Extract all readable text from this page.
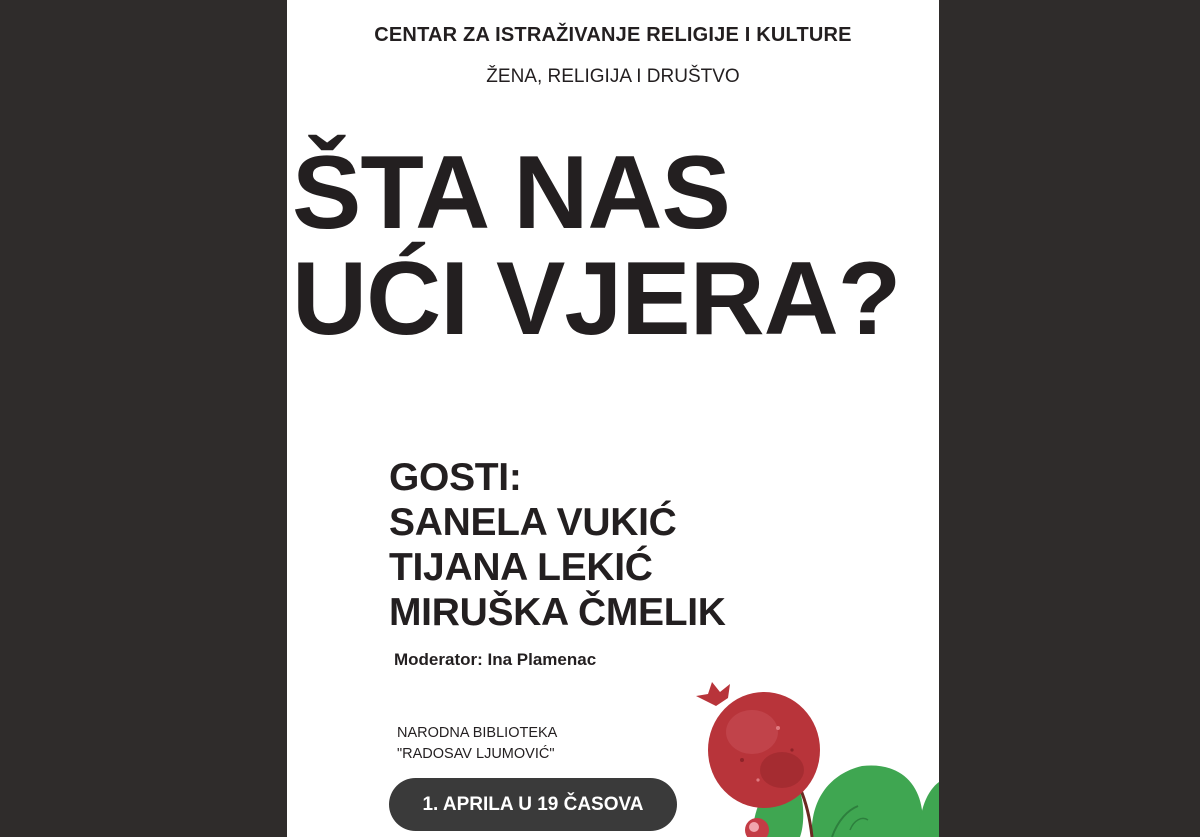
CENTAR ZA ISTRAŽIVANJE RELIGIJE I KULTURE
ŽENA, RELIGIJA I DRUŠTVO
ŠTA NAS
UĆI VJERA?
GOSTI:
SANELA VUKIĆ
TIJANA LEKIĆ
MIRUŠKA ČMELIK
Moderator: Ina Plamenac
NARODNA BIBLIOTEKA
"RADOSAV LJUMOVIĆ"
1. APRILA U 19 ČASOVA
